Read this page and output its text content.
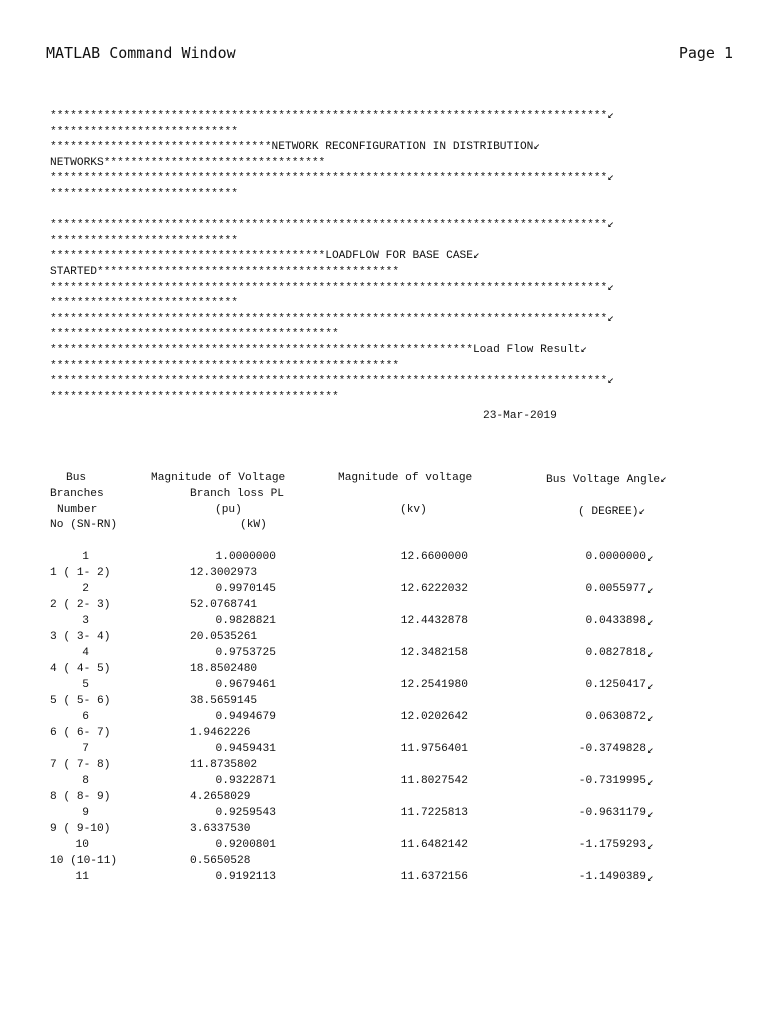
MATLAB Command Window	Page 1
***********************************************************************************↙
****************************
*********************************NETWORK RECONFIGURATION IN DISTRIBUTION↙
NETWORKS*********************************
***********************************************************************************↙
****************************
***********************************************************************************↙
****************************
*****************************************LOADFLOW FOR BASE CASE↙
STARTED*********************************************
***********************************************************************************↙
****************************
***********************************************************************************↙
*******************************************
***************************************************************Load Flow Result↙
****************************************************
***********************************************************************************↙
*******************************************
23-Mar-2019
Bus	Magnitude of Voltage	Magnitude of voltage	Bus Voltage Angle↙
Branches	Branch loss PL
Number	(pu)	(kv)	( DEGREE)↙
No (SN-RN)	(kW)
1	1.0000000	12.6600000	0.0000000 ↙
1 ( 1- 2)	12.3002973
2	0.9970145	12.6222032	0.0055977 ↙
2 ( 2- 3)	52.0768741
3	0.9828821	12.4432878	0.0433898 ↙
3 ( 3- 4)	20.0535261
4	0.9753725	12.3482158	0.0827818 ↙
4 ( 4- 5)	18.8502480
5	0.9679461	12.2541980	0.1250417 ↙
5 ( 5- 6)	38.5659145
6	0.9494679	12.0202642	0.0630872 ↙
6 ( 6- 7)	1.9462226
7	0.9459431	11.9756401	-0.3749828 ↙
7 ( 7- 8)	11.8735802
8	0.9322871	11.8027542	-0.7319995 ↙
8 ( 8- 9)	4.2658029
9	0.9259543	11.7225813	-0.9631179 ↙
9 ( 9-10)	3.6337530
10	0.9200801	11.6482142	-1.1759293 ↙
10 (10-11)	0.5650528
11	0.9192113	11.6372156	-1.1490389 ↙
